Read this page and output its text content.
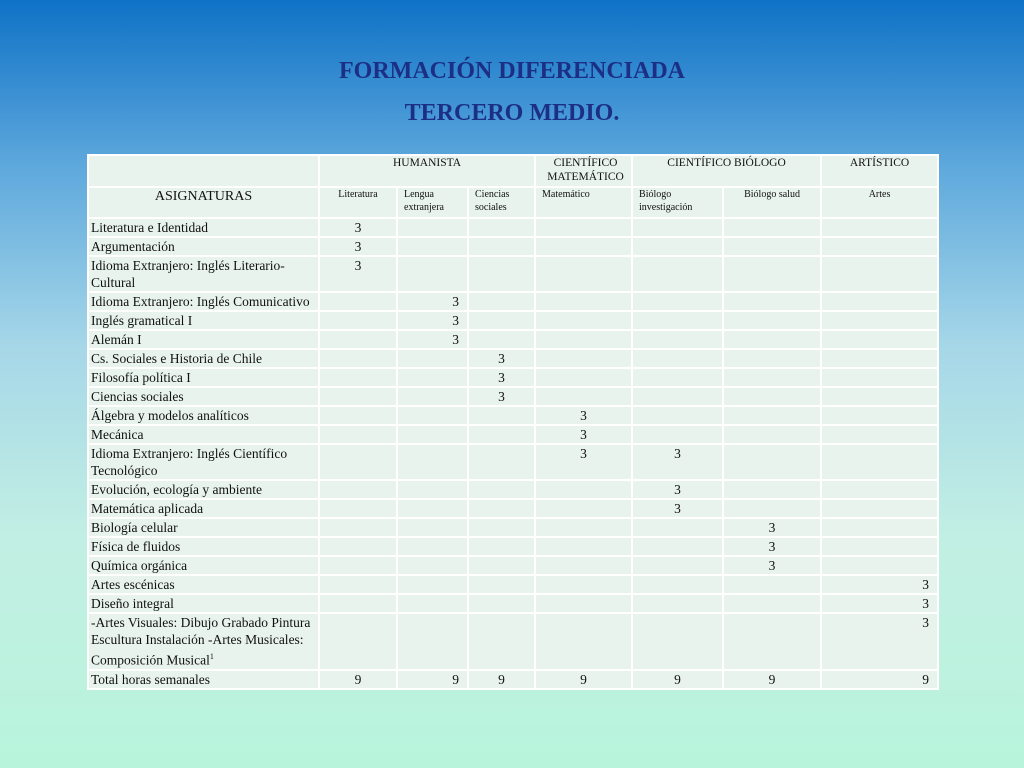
FORMACIÓN DIFERENCIADA
TERCERO MEDIO.
	HUMANISTA			CIENTÍFICO MATEMÁTICO	CIENTÍFICO BIÓLOGO		ARTÍSTICO
ASIGNATURAS	Literatura	Lengua extranjera	Ciencias sociales	Matemático	Biólogo investigación	Biólogo salud	Artes
Literatura e Identidad	3						
Argumentación	3						
Idioma Extranjero: Inglés Literario-Cultural	3						
Idioma Extranjero: Inglés Comunicativo		3					
Inglés gramatical I		3					
Alemán I		3					
Cs. Sociales e Historia de Chile			3				
Filosofía política I			3				
Ciencias sociales			3				
Álgebra y modelos analíticos				3			
Mecánica				3			
Idioma Extranjero: Inglés Científico Tecnológico				3	3		
Evolución, ecología y ambiente					3		
Matemática aplicada					3		
Biología celular						3	
Física de fluidos						3	
Química orgánica						3	
Artes escénicas							3
Diseño integral							3
-Artes Visuales: Dibujo Grabado Pintura Escultura Instalación -Artes Musicales: Composición Musical$^1$							3
Total horas semanales	9	9	9	9	9	9	9
